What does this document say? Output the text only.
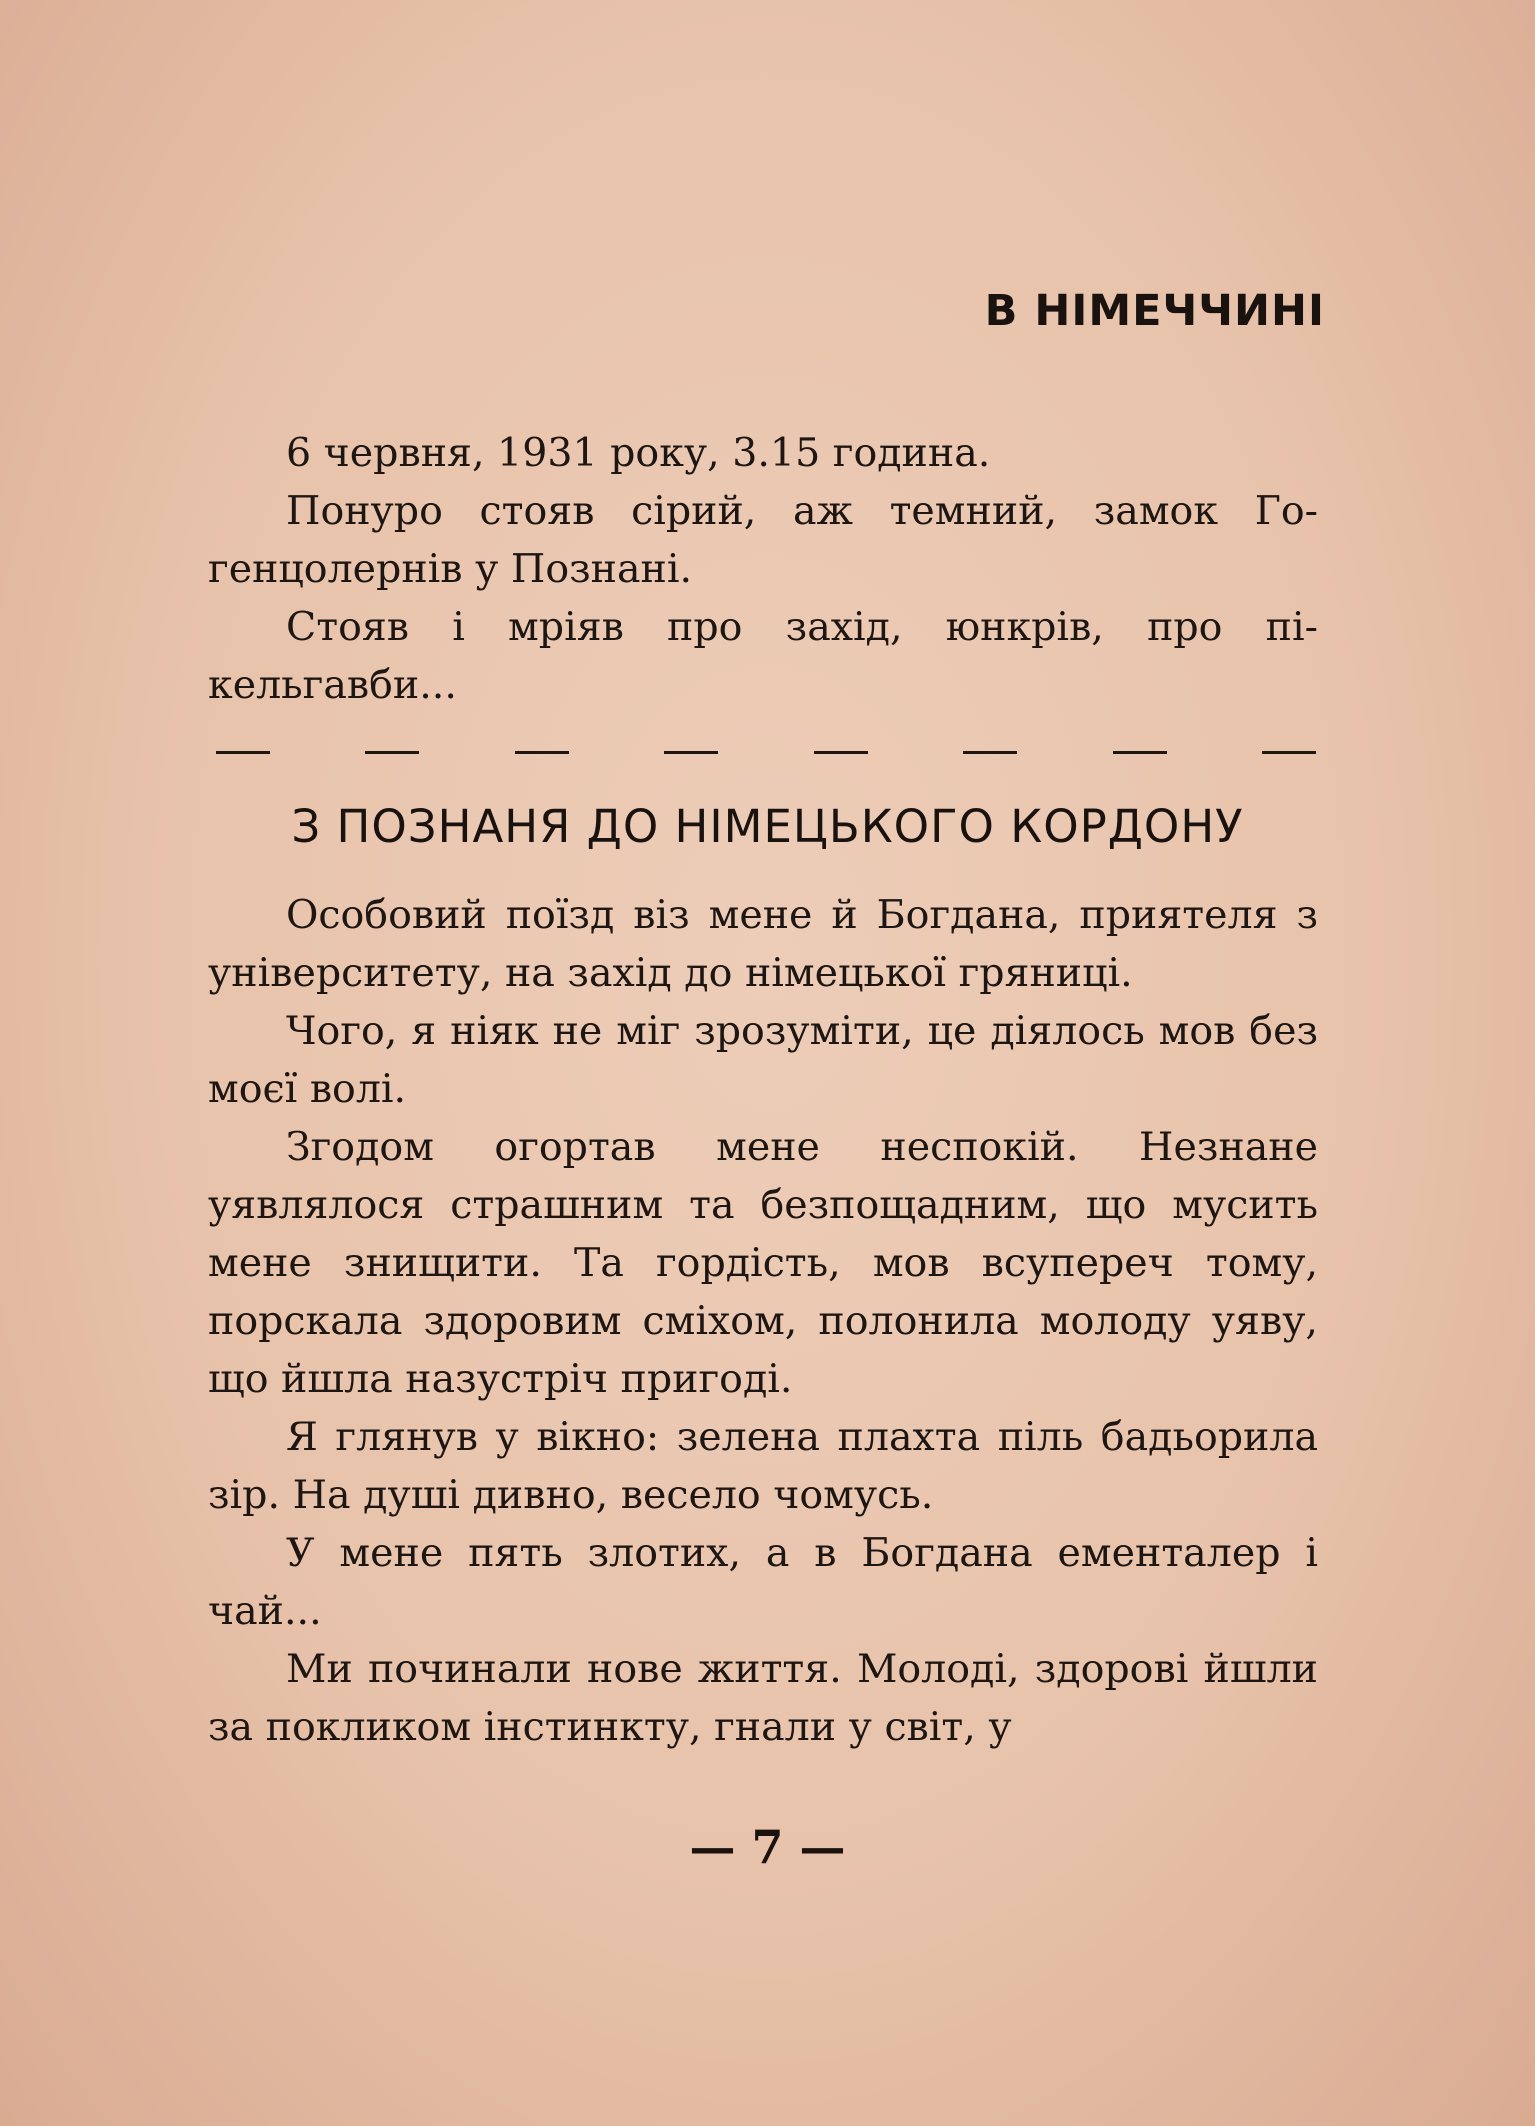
В НІМЕЧЧИНІ

6 червня, 1931 року, 3.15 година.

Понуро стояв сірий, аж темний, замок Гогенцолернів у Познані.

Стояв і мріяв про захід, юнкрів, про пікельгавби...

З ПОЗНАНЯ ДО НІМЕЦЬКОГО КОРДОНУ

Особовий поїзд віз мене й Богдана, приятеля з університету, на захід до німецької гряниці.

Чого, я ніяк не міг зрозуміти, це діялось мов без моєї волі.

Згодом огортав мене неспокій. Незнане уявлялося страшним та безпощадним, що мусить мене знищити. Та гордість, мов всупереч тому, порскала здоровим сміхом, полонила молоду уяву, що йшла назустріч пригоді.

Я глянув у вікно: зелена плахта піль бадьорила зір. На душі дивно, весело чомусь.

У мене пять злотих, а в Богдана ементалер і чай...

Ми починали нове життя. Молоді, здорові йшли за покликом інстинкту, гнали у світ, у

— 7 —
